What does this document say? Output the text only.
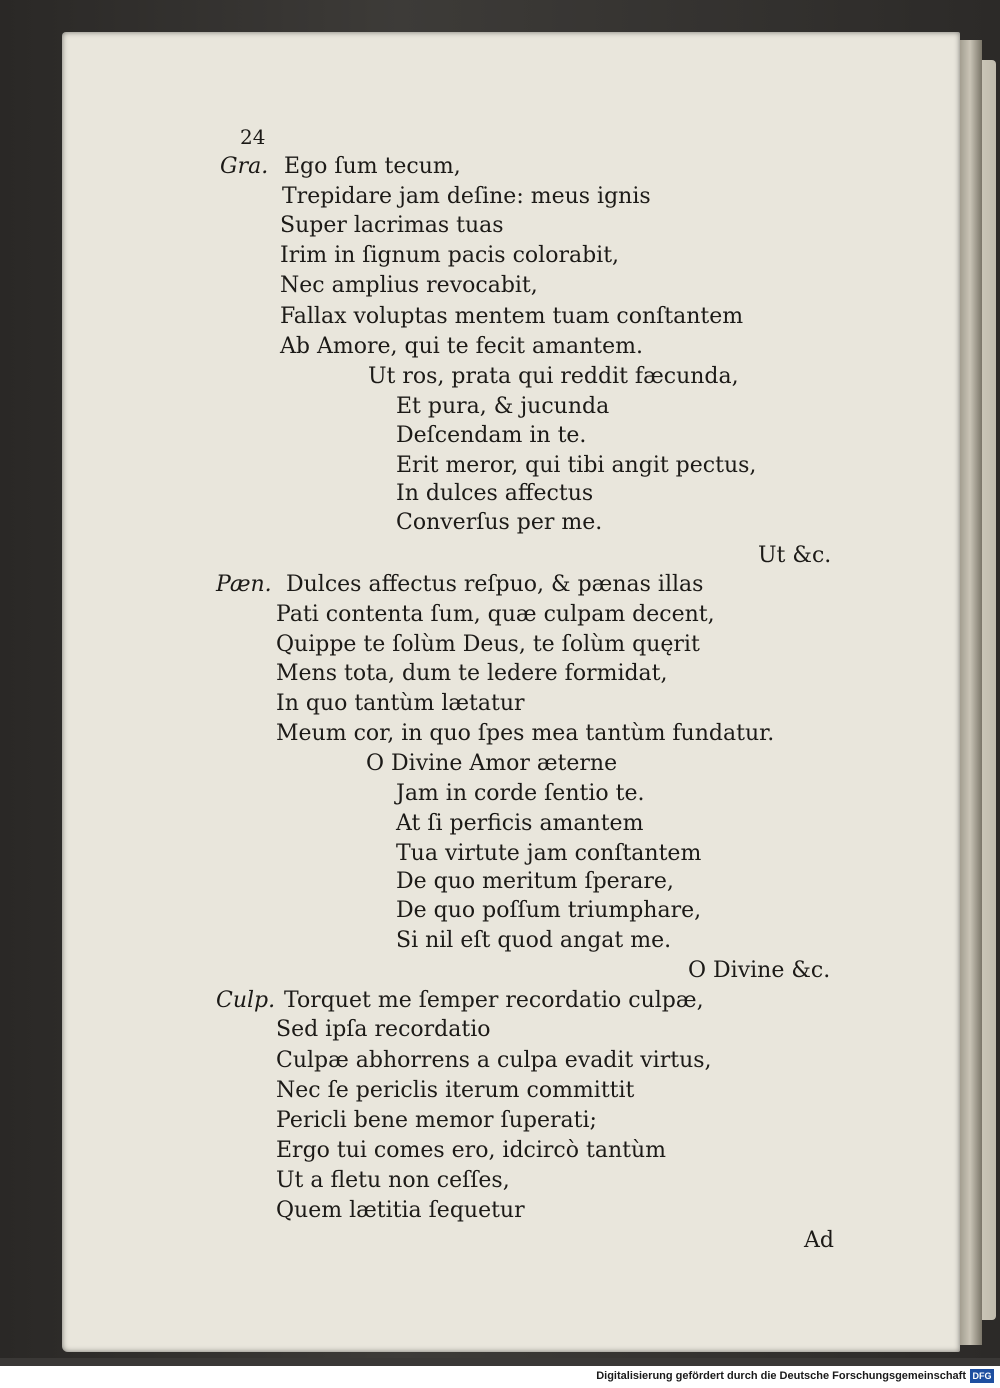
24
Gra. Ego ſum tecum,
Trepidare jam deſine: meus ignis
Super lacrimas tuas
Irim in ſignum pacis colorabit,
Nec amplius revocabit,
Fallax voluptas mentem tuam conſtantem
Ab Amore, qui te fecit amantem.
Ut ros, prata qui reddit fæcunda,
Et pura, & jucunda
Deſcendam in te.
Erit meror, qui tibi angit pectus,
In dulces affectus
Converſus per me.
Ut &c.
Pæn. Dulces affectus reſpuo, & pænas illas
Pati contenta ſum, quæ culpam decent,
Quippe te ſolùm Deus, te ſolùm quęrit
Mens tota, dum te ledere formidat,
In quo tantùm lætatur
Meum cor, in quo ſpes mea tantùm fundatur.
O Divine Amor æterne
Jam in corde ſentio te.
At ſi perficis amantem
Tua virtute jam conſtantem
De quo meritum ſperare,
De quo poſſum triumphare,
Si nil eſt quod angat me.
O Divine &c.
Culp. Torquet me ſemper recordatio culpæ,
Sed ipſa recordatio
Culpæ abhorrens a culpa evadit virtus,
Nec ſe periclis iterum committit
Pericli bene memor ſuperati;
Ergo tui comes ero, idcircò tantùm
Ut a fletu non ceſſes,
Quem lætitia ſequetur
Ad
Digitalisierung gefördert durch die Deutsche Forschungsgemeinschaft DFG
